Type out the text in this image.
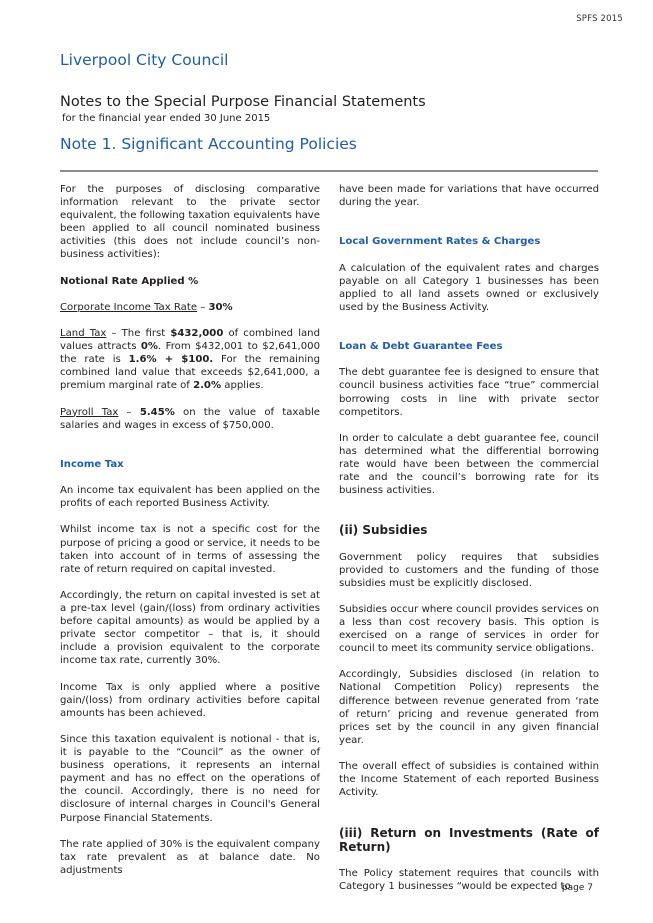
SPFS 2015
Liverpool City Council
Notes to the Special Purpose Financial Statements

for the financial year ended 30 June 2015

Note 1. Significant Accounting Policies

For the purposes of disclosing comparative information relevant to the private sector equivalent, the following taxation equivalents have been applied to all council nominated business activities (this does not include council’s non-business activities):

Notional Rate Applied %

Corporate Income Tax Rate – 30%

Land Tax – The first $432,000 of combined land values attracts 0%. From $432,001 to $2,641,000 the rate is 1.6% + $100. For the remaining combined land value that exceeds $2,641,000, a premium marginal rate of 2.0% applies.

Payroll Tax – 5.45% on the value of taxable salaries and wages in excess of $750,000.

Income Tax

An income tax equivalent has been applied on the profits of each reported Business Activity.

Whilst income tax is not a specific cost for the purpose of pricing a good or service, it needs to be taken into account of in terms of assessing the rate of return required on capital invested.

Accordingly, the return on capital invested is set at a pre-tax level (gain/(loss) from ordinary activities before capital amounts) as would be applied by a private sector competitor – that is, it should include a provision equivalent to the corporate income tax rate, currently 30%.

Income Tax is only applied where a positive gain/(loss) from ordinary activities before capital amounts has been achieved.

Since this taxation equivalent is notional - that is, it is payable to the “Council” as the owner of business operations, it represents an internal payment and has no effect on the operations of the council. Accordingly, there is no need for disclosure of internal charges in Council's General Purpose Financial Statements.

The rate applied of 30% is the equivalent company tax rate prevalent as at balance date. No adjustments

have been made for variations that have occurred during the year.

Local Government Rates & Charges

A calculation of the equivalent rates and charges payable on all Category 1 businesses has been applied to all land assets owned or exclusively used by the Business Activity.

Loan & Debt Guarantee Fees

The debt guarantee fee is designed to ensure that council business activities face “true” commercial borrowing costs in line with private sector competitors.

In order to calculate a debt guarantee fee, council has determined what the differential borrowing rate would have been between the commercial rate and the council’s borrowing rate for its business activities.

(ii) Subsidies

Government policy requires that subsidies provided to customers and the funding of those subsidies must be explicitly disclosed.

Subsidies occur where council provides services on a less than cost recovery basis. This option is exercised on a range of services in order for council to meet its community service obligations.

Accordingly, Subsidies disclosed (in relation to National Competition Policy) represents the difference between revenue generated from ‘rate of return’ pricing and revenue generated from prices set by the council in any given financial year.

The overall effect of subsidies is contained within the Income Statement of each reported Business Activity.

(iii) Return on Investments (Rate of Return)

The Policy statement requires that councils with Category 1 businesses “would be expected to

page 7
